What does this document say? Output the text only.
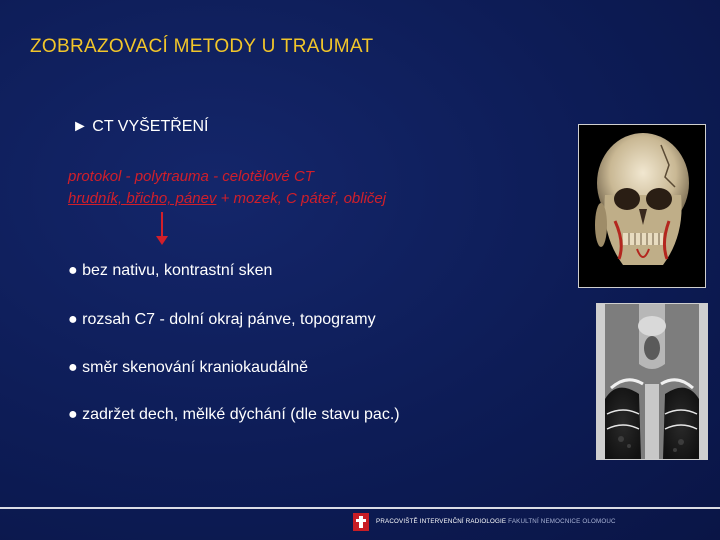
ZOBRAZOVACÍ METODY U TRAUMAT
► CT VYŠETŘENÍ
protokol - polytrauma - celotělové CT
hrudník, břicho, pánev + mozek, C páteř, obličej
● bez nativu, kontrastní sken
● rozsah C7 - dolní okraj pánve, topogramy
● směr skenování kraniokaudálně
● zadržet dech, mělké dýchání (dle stavu pac.)
PRACOVIŠTĚ INTERVENČNÍ RADIOLOGIE FAKULTNÍ NEMOCNICE OLOMOUC
